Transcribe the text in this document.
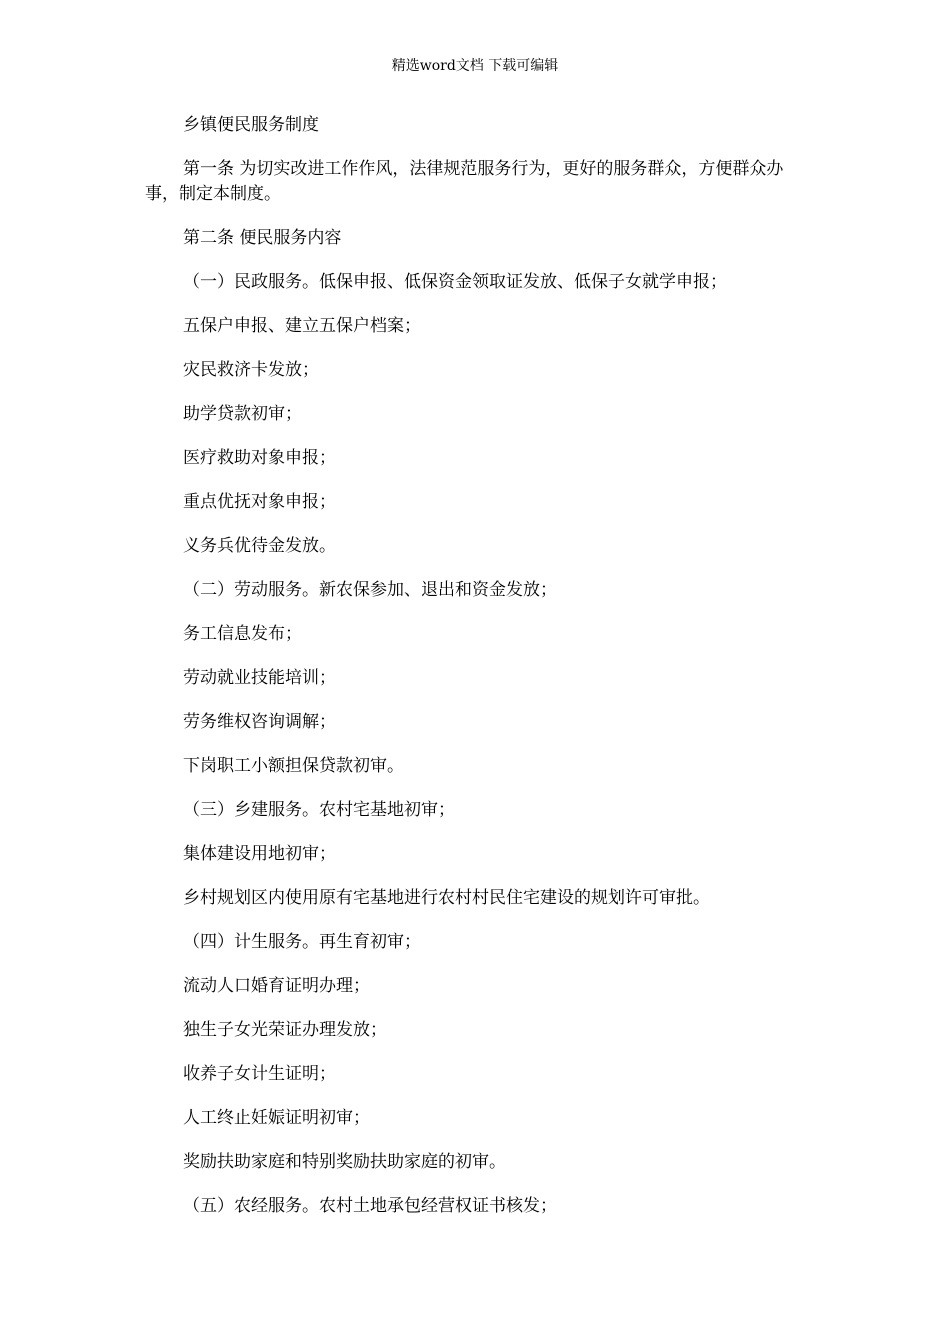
精选word文档 下载可编辑

乡镇便民服务制度

第一条 为切实改进工作作风，法律规范服务行为，更好的服务群众，方便群众办事，制定本制度。

第二条 便民服务内容

（一）民政服务。低保申报、低保资金领取证发放、低保子女就学申报；

五保户申报、建立五保户档案；

灾民救济卡发放；

助学贷款初审；

医疗救助对象申报；

重点优抚对象申报；

义务兵优待金发放。

（二）劳动服务。新农保参加、退出和资金发放；

务工信息发布；

劳动就业技能培训；

劳务维权咨询调解；

下岗职工小额担保贷款初审。

（三）乡建服务。农村宅基地初审；

集体建设用地初审；

乡村规划区内使用原有宅基地进行农村村民住宅建设的规划许可审批。

（四）计生服务。再生育初审；

流动人口婚育证明办理；

独生子女光荣证办理发放；

收养子女计生证明；

人工终止妊娠证明初审；

奖励扶助家庭和特别奖励扶助家庭的初审。

（五）农经服务。农村土地承包经营权证书核发；
